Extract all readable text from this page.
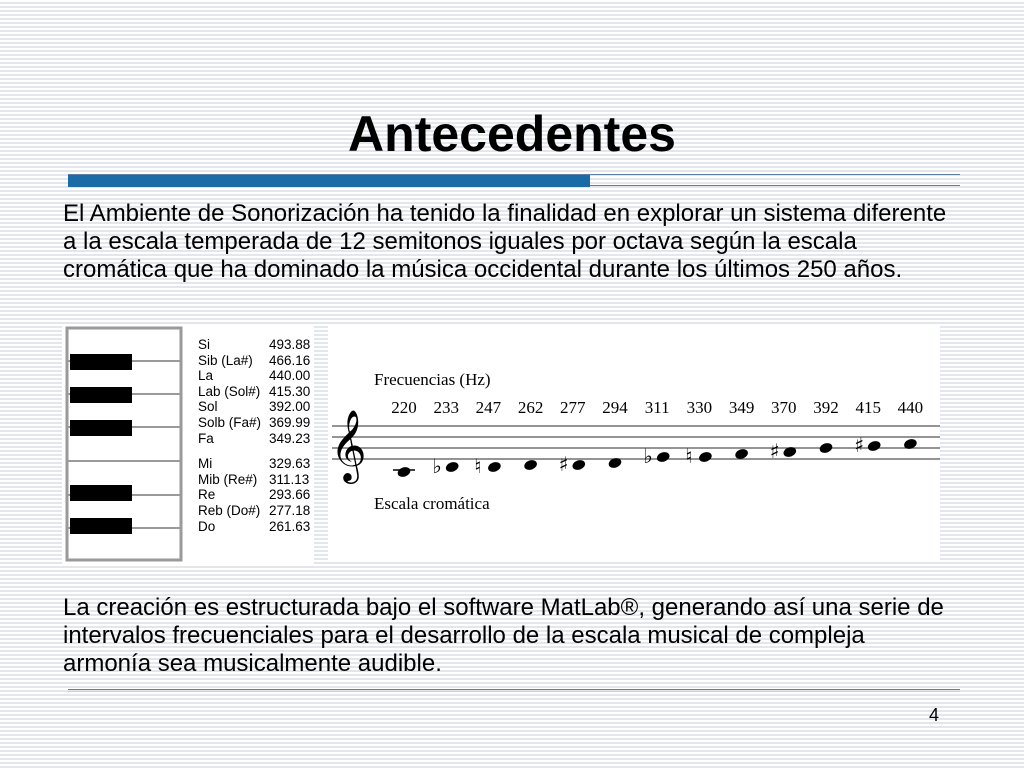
Antecedentes

El Ambiente de Sonorización ha tenido la finalidad en explorar un sistema diferente a la escala temperada de 12 semitonos iguales por octava según la escala cromática que ha dominado la música occidental durante los últimos 250 años.

Si	493.88
Sib (La#) 466.16
La	440.00
Lab (Sol#) 415.30
Sol	392.00
Solb (Fa#) 369.99
Fa	349.23
Mi	329.63
Mib (Re#) 311.13
Re	293.66
Reb (Do#) 277.18
Do	261.63
𝄞	♭ ♮	♯	♭ ♮	♯	♯
Frecuencias (Hz)
220 233 247 262 277 294	311	330 349 370 392 415 440
Escala cromática

La creación es estructurada bajo el software MatLab®, generando así una serie de intervalos frecuenciales para el desarrollo de la escala musical de compleja armonía sea musicalmente audible.

4
